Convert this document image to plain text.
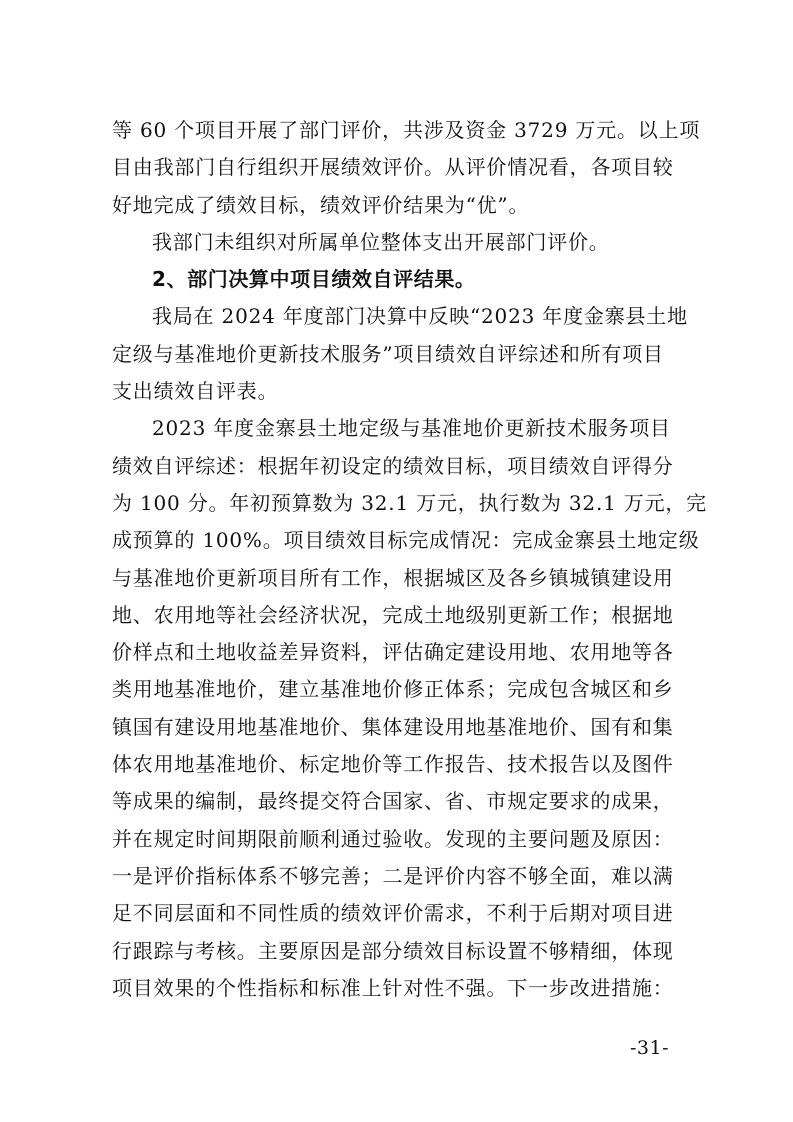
等 60 个项目开展了部门评价，共涉及资金 3729 万元。以上项
目由我部门自行组织开展绩效评价。从评价情况看，各项目较
好地完成了绩效目标，绩效评价结果为“优”。
我部门未组织对所属单位整体支出开展部门评价。
2、部门决算中项目绩效自评结果。
我局在 2024 年度部门决算中反映“2023 年度金寨县土地
定级与基准地价更新技术服务”项目绩效自评综述和所有项目
支出绩效自评表。
2023 年度金寨县土地定级与基准地价更新技术服务项目
绩效自评综述：根据年初设定的绩效目标，项目绩效自评得分
为 100 分。年初预算数为 32.1 万元，执行数为 32.1 万元，完
成预算的 100%。项目绩效目标完成情况：完成金寨县土地定级
与基准地价更新项目所有工作，根据城区及各乡镇城镇建设用
地、农用地等社会经济状况，完成土地级别更新工作；根据地
价样点和土地收益差异资料，评估确定建设用地、农用地等各
类用地基准地价，建立基准地价修正体系；完成包含城区和乡
镇国有建设用地基准地价、集体建设用地基准地价、国有和集
体农用地基准地价、标定地价等工作报告、技术报告以及图件
等成果的编制，最终提交符合国家、省、市规定要求的成果，
并在规定时间期限前顺利通过验收。发现的主要问题及原因：
一是评价指标体系不够完善；二是评价内容不够全面，难以满
足不同层面和不同性质的绩效评价需求，不利于后期对项目进
行跟踪与考核。主要原因是部分绩效目标设置不够精细，体现
项目效果的个性指标和标准上针对性不强。下一步改进措施：
-31-
